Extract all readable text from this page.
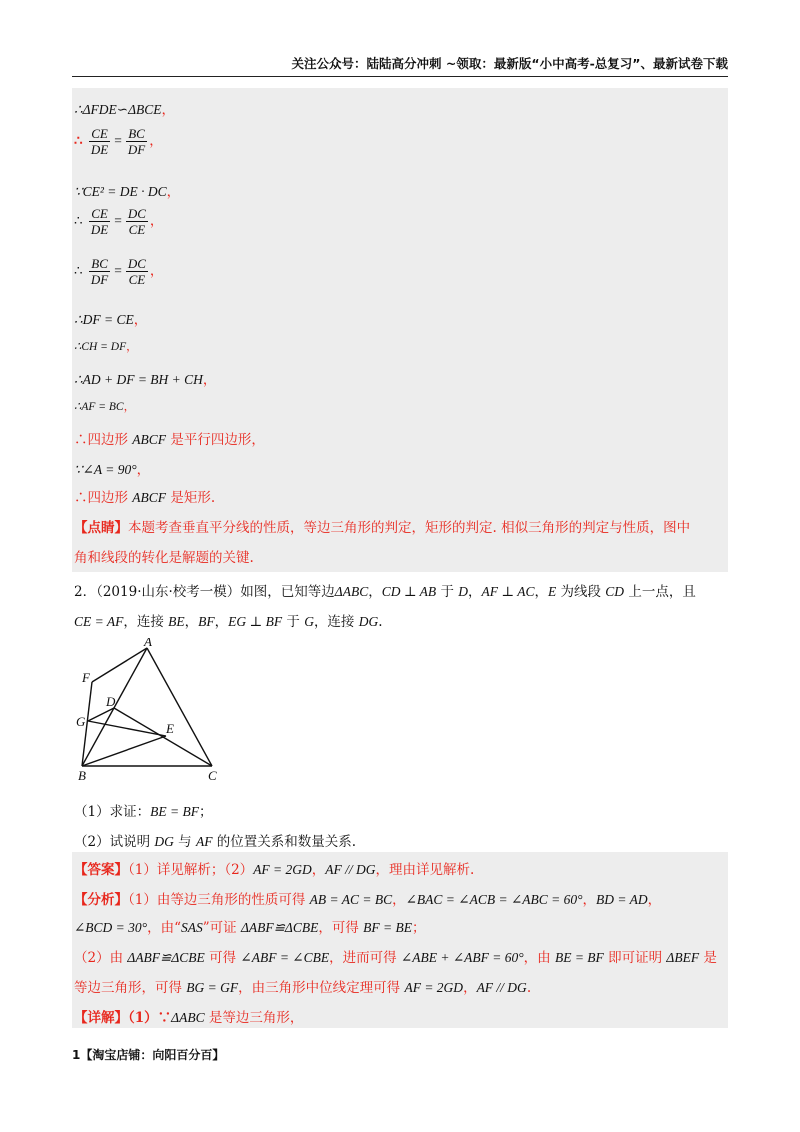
关注公众号：陆陆高分冲刺 ~领取：最新版“小中高考-总复习”、最新试卷下载
∴ΔFDE∽ΔBCE，
∴ $\frac{CE}{DE} = \frac{BC}{DF}$ ，
∵CE² = DE · DC，
∴ $\frac{CE}{DE} = \frac{DC}{CE}$ ，
∴ $\frac{BC}{DF} = \frac{DC}{CE}$ ，
∴DF = CE，
∴CH = DF，
∴AD + DF = BH + CH，
∴AF = BC，
∴四边形 ABCF 是平行四边形，
∵∠A = 90°，
∴四边形 ABCF 是矩形.
【点睛】本题考查垂直平分线的性质，等边三角形的判定，矩形的判定. 相似三角形的判定与性质，图中
角和线段的转化是解题的关键.
2．（2019·山东·校考一模）如图，已知等边ΔABC，CD ⊥ AB 于 D，AF ⊥ AC，E 为线段 CD 上一点，且
CE = AF，连接 BE，BF，EG ⊥ BF 于 G，连接 DG.
A
F
D
G	E
B	C
（1）求证：BE = BF；
（2）试说明 DG 与 AF 的位置关系和数量关系.
【答案】（1）详见解析；（2）AF = 2GD，AF // DG，理由详见解析.
【分析】（1）由等边三角形的性质可得 AB = AC = BC，∠BAC = ∠ACB = ∠ABC = 60°，BD = AD，
∠BCD = 30°，由“SAS”可证 ΔABF≌ΔCBE，可得 BF = BE；
（2）由 ΔABF≌ΔCBE 可得 ∠ABF = ∠CBE，进而可得 ∠ABE + ∠ABF = 60°，由 BE = BF 即可证明 ΔBEF 是
等边三角形，可得 BG = GF，由三角形中位线定理可得 AF = 2GD，AF // DG.
【详解】（1）∵ΔABC 是等边三角形，
1【淘宝店铺：向阳百分百】
